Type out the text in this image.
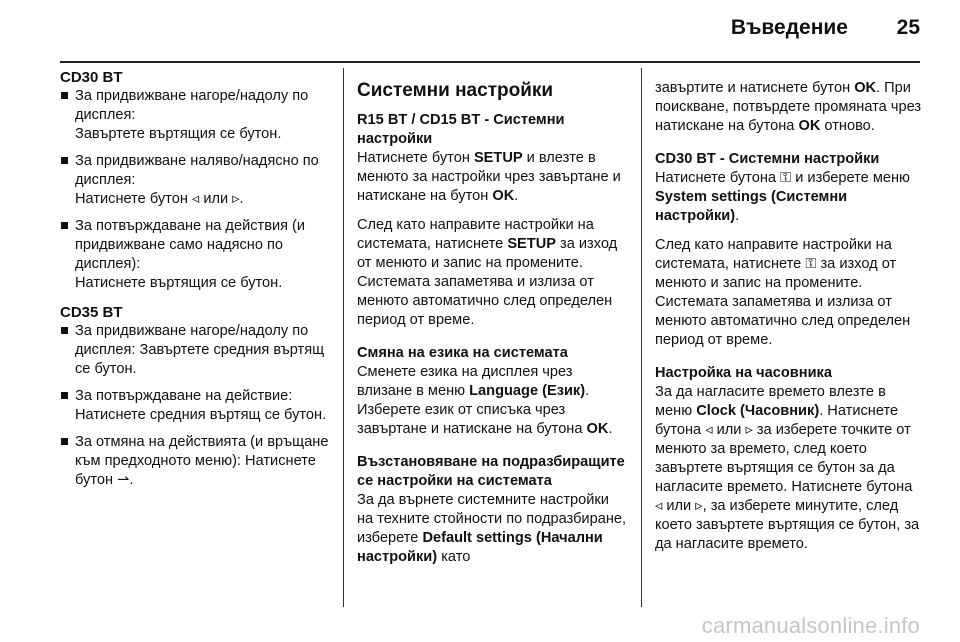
Въведение 25
CD30 BT
За придвижване нагоре/надолу по дисплея:
Завъртете въртящия се бутон.
За придвижване наляво/надясно по дисплея:
Натиснете бутон ◃ или ▹.
За потвърждаване на действия (и придвижване само надясно по дисплея):
Натиснете въртящия се бутон.
CD35 BT
За придвижване нагоре/надолу по дисплея: Завъртете средния въртящ се бутон.
За потвърждаване на действие: Натиснете средния въртящ се бутон.
За отмяна на действията (и връщане към предходното меню): Натиснете бутон ⇀.
Системни настройки
R15 BT / CD15 BT - Системни настройки

Натиснете бутон SETUP и влезте в менюто за настройки чрез завъртане и натискане на бутон OK.

След като направите настройки на системата, натиснете SETUP за изход от менюто и запис на промените. Системата запаметява и излиза от менюто автоматично след определен период от време.

Смяна на езика на системата

Сменете езика на дисплея чрез влизане в меню Language (Език). Изберете език от списъка чрез завъртане и натискане на бутона OK.

Възстановяване на подразбиращите се настройки на системата

За да върнете системните настройки на техните стойности по подразбиране, изберете Default settings (Начални настройки) като

завъртите и натиснете бутон OK. При поискване, потвърдете промяната чрез натискане на бутона OK отново.

CD30 BT - Системни настройки

Натиснете бутона ⚿ и изберете меню System settings (Системни настройки).

След като направите настройки на системата, натиснете ⚿ за изход от менюто и запис на промените. Системата запаметява и излиза от менюто автоматично след определен период от време.

Настройка на часовника

За да нагласите времето влезте в меню Clock (Часовник). Натиснете бутона ◃ или ▹ за изберете точките от менюто за времето, след което завъртете въртящия се бутон за да нагласите времето. Натиснете бутона ◃ или ▹, за изберете минутите, след което завъртете въртящия се бутон, за да нагласите времето.

carmanualsonline.info
